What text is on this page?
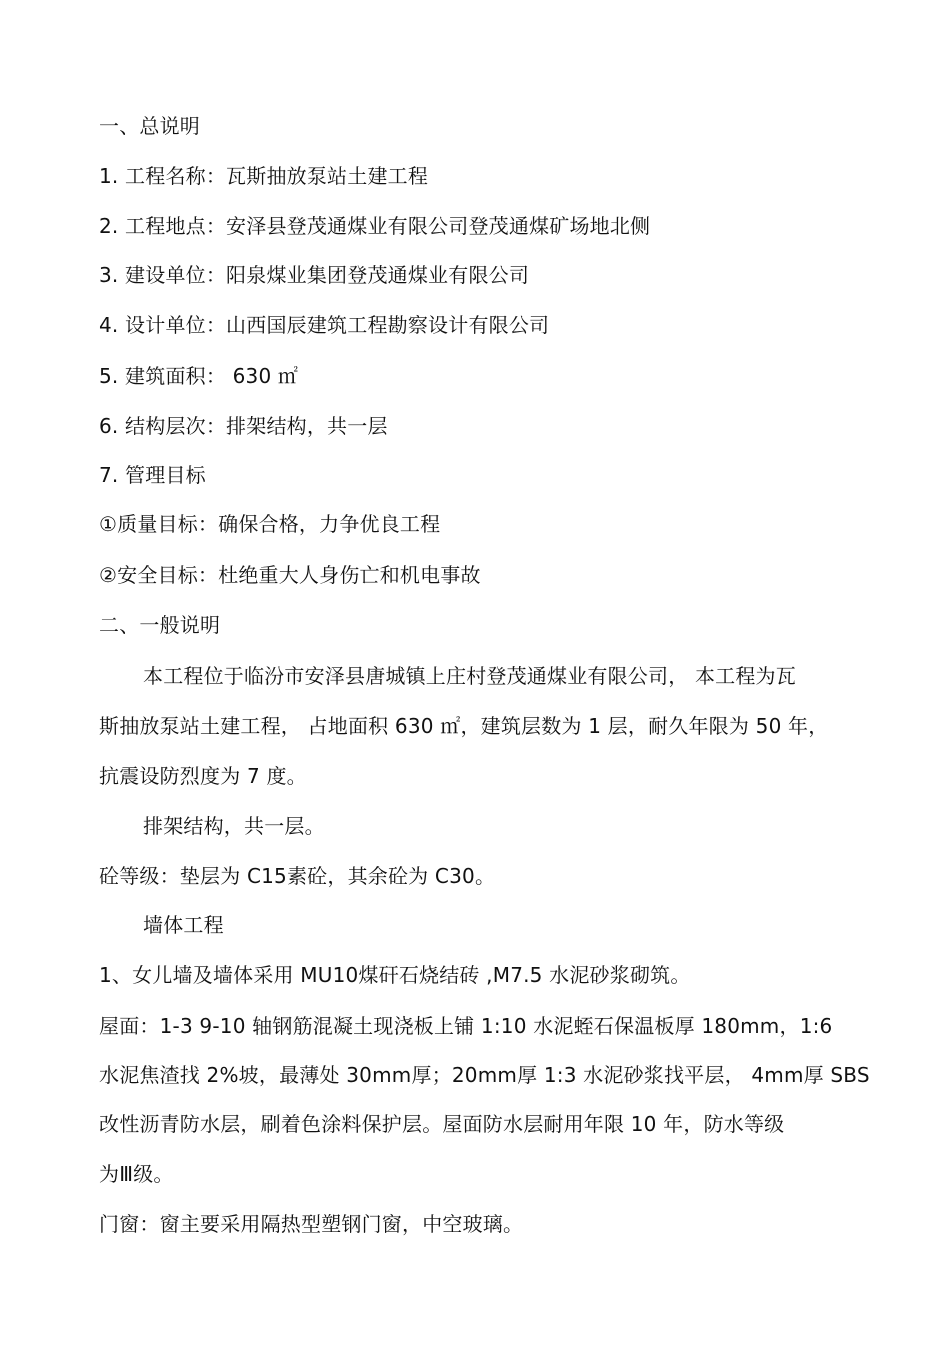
一、总说明
1. 工程名称：瓦斯抽放泵站土建工程
2. 工程地点：安泽县登茂通煤业有限公司登茂通煤矿场地北侧
3. 建设单位：阳泉煤业集团登茂通煤业有限公司
4. 设计单位：山西国辰建筑工程勘察设计有限公司
5. 建筑面积： 630 ㎡
6. 结构层次：排架结构，共一层
7. 管理目标
①质量目标：确保合格，力争优良工程
②安全目标：杜绝重大人身伤亡和机电事故
二、一般说明
本工程位于临汾市安泽县唐城镇上庄村登茂通煤业有限公司， 本工程为瓦
斯抽放泵站土建工程， 占地面积 630 ㎡，建筑层数为 1 层，耐久年限为 50 年，
抗震设防烈度为 7 度。
排架结构，共一层。
砼等级：垫层为 C15素砼，其余砼为 C30。
墙体工程
1、女儿墙及墙体采用 MU10煤矸石烧结砖 ,M7.5 水泥砂浆砌筑。
屋面：1-3 9-10 轴钢筋混凝土现浇板上铺 1:10 水泥蛭石保温板厚 180mm，1:6
水泥焦渣找 2%坡，最薄处 30mm厚；20mm厚 1:3 水泥砂浆找平层， 4mm厚 SBS
改性沥青防水层，刷着色涂料保护层。屋面防水层耐用年限 10 年，防水等级
为Ⅲ级。
门窗：窗主要采用隔热型塑钢门窗，中空玻璃。
